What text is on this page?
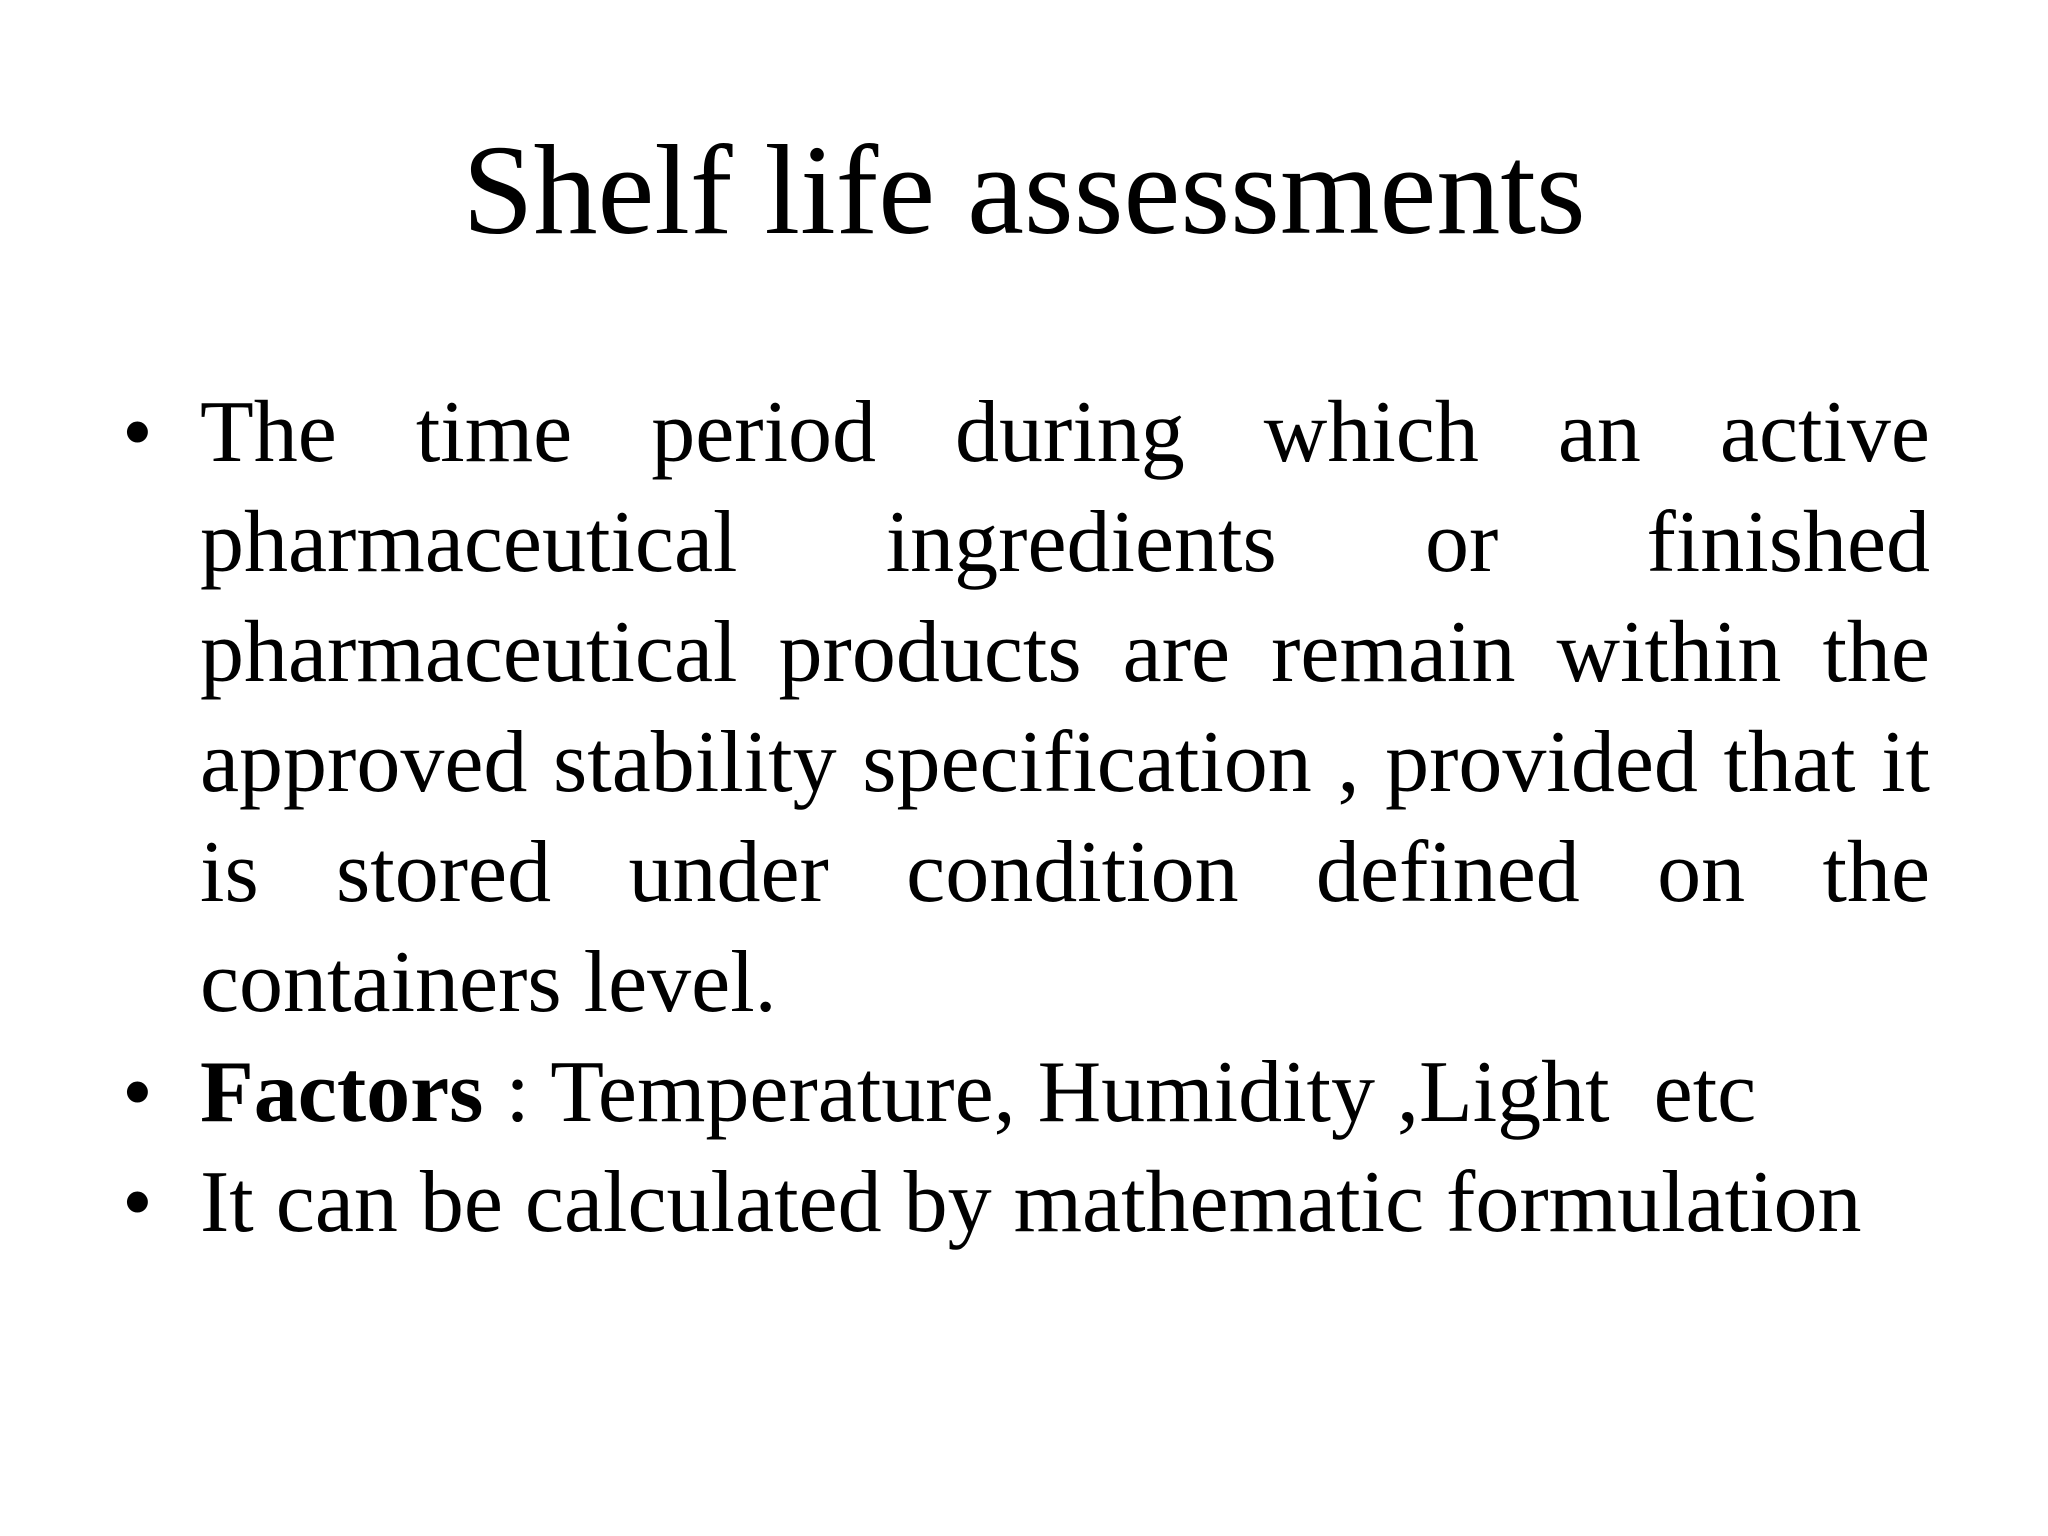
Shelf life assessments
• The time period during which an active pharmaceutical ingredients or finished pharmaceutical products are remain within the approved stability specification , provided that it is stored under condition defined on the containers level.
• Factors : Temperature, Humidity ,Light  etc
• It can be calculated by mathematic formulation
